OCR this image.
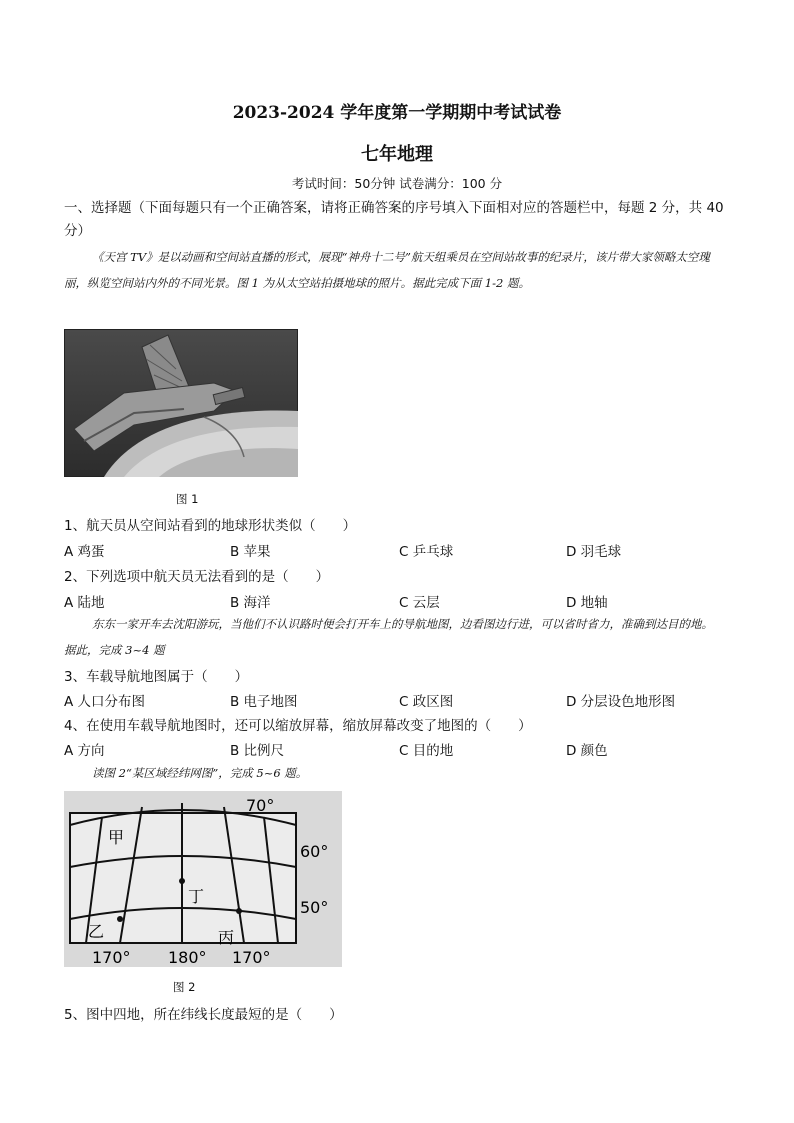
2023-2024 学年度第一学期期中考试试卷
七年地理
考试时间：50分钟 试卷满分：100 分
一、选择题（下面每题只有一个正确答案，请将正确答案的序号填入下面相对应的答题栏中，每题 2 分，共 40 分）
《天宫 TV》是以动画和空间站直播的形式，展现“神舟十二号”航天组乘员在空间站故事的纪录片，该片带大家领略太空瑰丽，纵览空间站内外的不同光景。图 1 为从太空站拍摄地球的照片。据此完成下面 1-2 题。
图 1
1、航天员从空间站看到的地球形状类似（　　）
A 鸡蛋	B 苹果	C 乒乓球	D 羽毛球
2、下列选项中航天员无法看到的是（　　）
A 陆地	B 海洋	C 云层	D 地轴
东东一家开车去沈阳游玩，当他们不认识路时便会打开车上的导航地图，边看图边行进，可以省时省力，准确到达目的地。据此，完成 3~4 题
3、车载导航地图属于（　　）
A 人口分布图	B 电子地图	C 政区图	D 分层设色地形图
4、在使用车载导航地图时，还可以缩放屏幕，缩放屏幕改变了地图的（　　）
A 方向	B 比例尺	C 目的地	D 颜色
读图 2“某区域经纬网图”，完成 5~6 题。
甲
乙	丙
丁
70°
60°
50°
170° 180° 170°
图 2
5、图中四地，所在纬线长度最短的是（　　）
